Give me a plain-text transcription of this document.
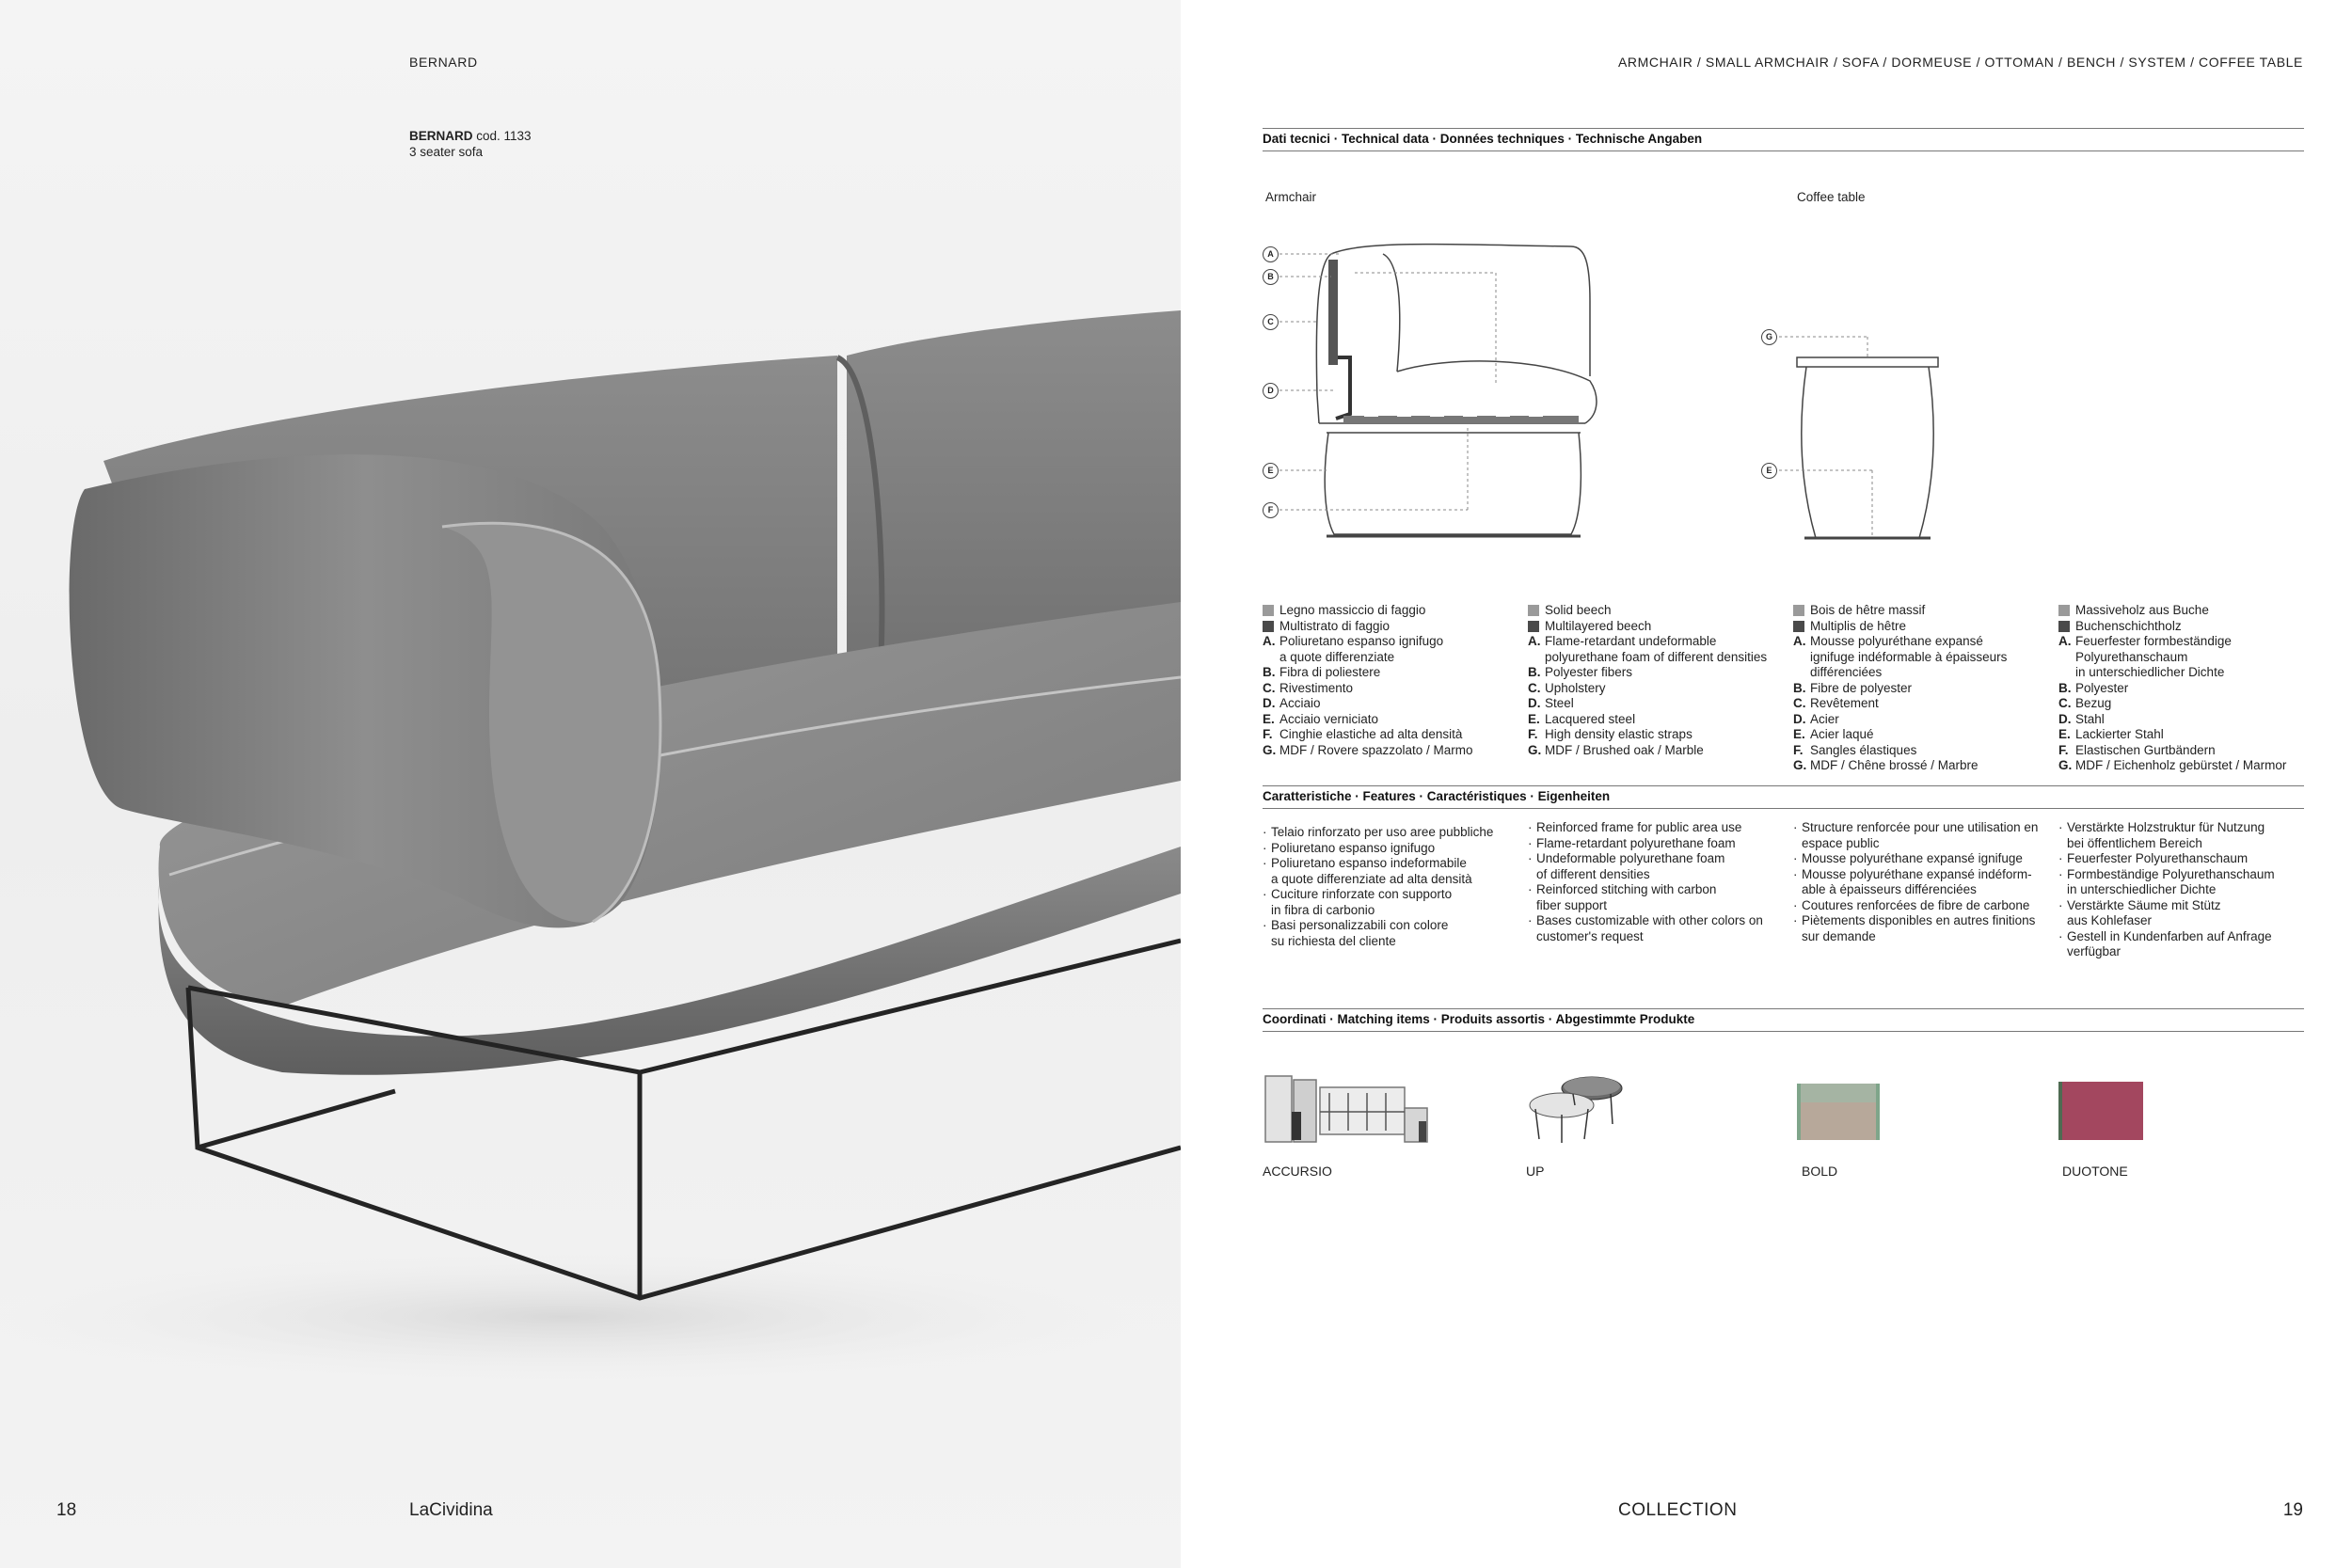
BERNARD
BERNARD cod. 1133
3 seater sofa
ARMCHAIR / SMALL ARMCHAIR / SOFA / DORMEUSE / OTTOMAN / BENCH / SYSTEM / COFFEE TABLE
Dati tecnici · Technical data · Données techniques · Technische Angaben
Armchair	Coffee table
A
B
C
D
E
F
G
E
Legno massiccio di faggio
Multistrato di faggio
A. Poliuretano espanso ignifugo
a quote differenziate
B. Fibra di poliestere
C. Rivestimento
D. Acciaio
E. Acciaio verniciato
F. Cinghie elastiche ad alta densità
G. MDF / Rovere spazzolato / Marmo
Solid beech
Multilayered beech
A. Flame-retardant undeformable
polyurethane foam of different densities
B. Polyester fibers
C. Upholstery
D. Steel
E. Lacquered steel
F. High density elastic straps
G. MDF / Brushed oak / Marble
Bois de hêtre massif
Multiplis de hêtre
A. Mousse polyuréthane expansé
ignifuge indéformable à épaisseurs
différenciées
B. Fibre de polyester
C. Revêtement
D. Acier
E. Acier laqué
F. Sangles élastiques
G. MDF / Chêne brossé / Marbre
Massiveholz aus Buche
Buchenschichtholz
A. Feuerfester formbeständige
Polyurethanschaum
in unterschiedlicher Dichte
B. Polyester
C. Bezug
D. Stahl
E. Lackierter Stahl
F. Elastischen Gurtbändern
G. MDF / Eichenholz gebürstet / Marmor
Caratteristiche · Features · Caractéristiques · Eigenheiten
· Telaio rinforzato per uso aree pubbliche
· Poliuretano espanso ignifugo
· Poliuretano espanso indeformabile
a quote differenziate ad alta densità
· Cuciture rinforzate con supporto
in fibra di carbonio
· Basi personalizzabili con colore
su richiesta del cliente
· Reinforced frame for public area use
· Flame-retardant polyurethane foam
· Undeformable polyurethane foam
of different densities
· Reinforced stitching with carbon
fiber support
· Bases customizable with other colors on
customer's request
· Structure renforcée pour une utilisation en
espace public
· Mousse polyuréthane expansé ignifuge
· Mousse polyuréthane expansé indéform-
able à épaisseurs différenciées
· Coutures renforcées de fibre de carbone
· Piètements disponibles en autres finitions
sur demande
· Verstärkte Holzstruktur für Nutzung
bei öffentlichem Bereich
· Feuerfester Polyurethanschaum
· Formbeständige Polyurethanschaum
in unterschiedlicher Dichte
· Verstärkte Säume mit Stütz
aus Kohlefaser
· Gestell in Kundenfarben auf Anfrage
verfügbar
Coordinati · Matching items · Produits assortis · Abgestimmte Produkte
ACCURSIO	UP	BOLD	DUOTONE
18	LaCividina	COLLECTION	19
